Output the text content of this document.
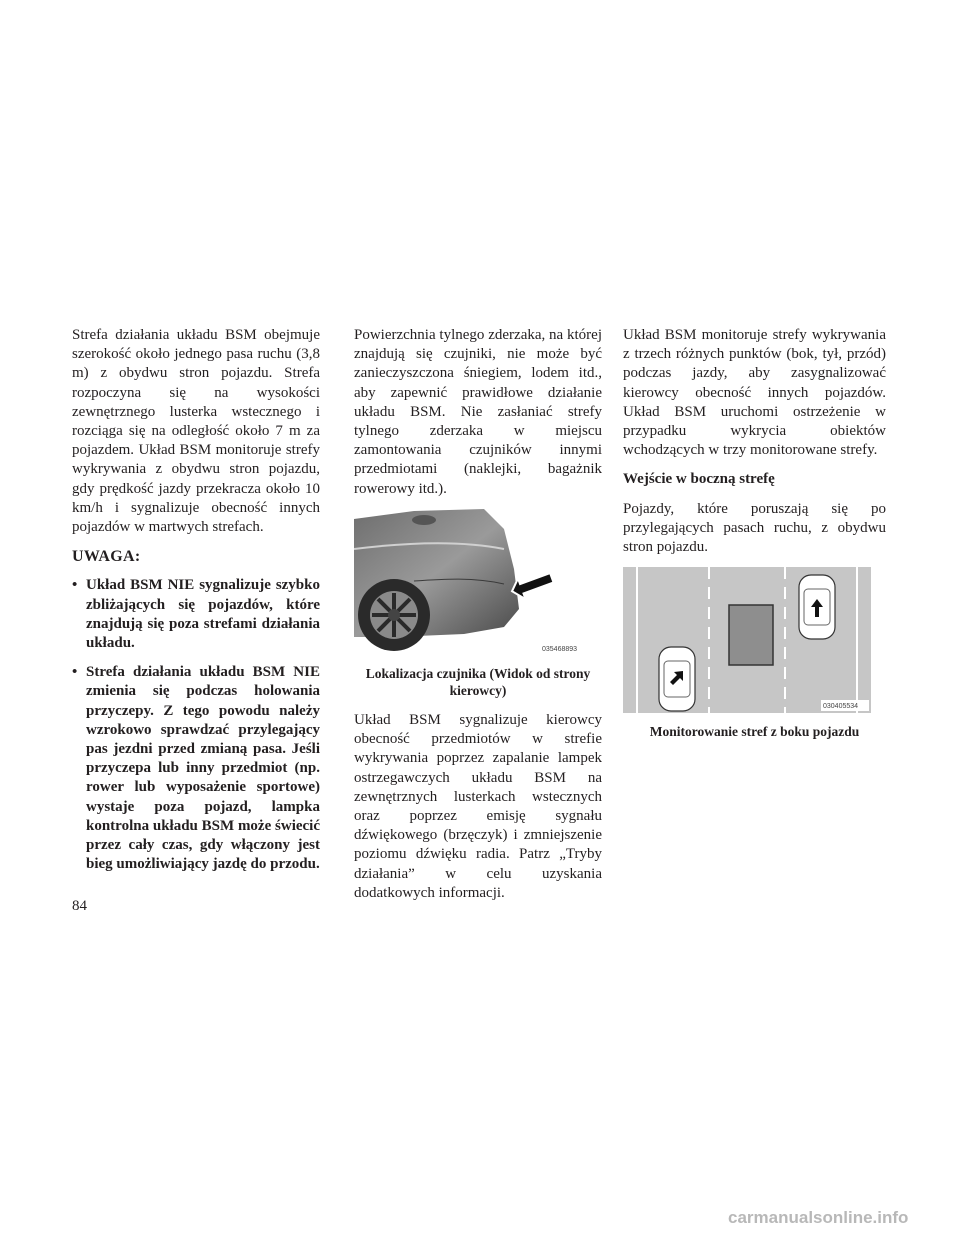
Strefa działania układu BSM obejmuje szerokość około jednego pasa ruchu (3,8 m) z obydwu stron pojazdu. Strefa rozpoczyna się na wysokości zewnętrznego lusterka wstecznego i rozciąga się na odległość około 7 m za pojazdem. Układ BSM monitoruje strefy wykrywania z obydwu stron pojazdu, gdy prędkość jazdy przekracza około 10 km/h i sygnalizuje obecność innych pojazdów w martwych strefach.

UWAGA:
• Układ BSM NIE sygnalizuje szybko zbliżających się pojazdów, które znajdują się poza strefami działania układu.
• Strefa działania układu BSM NIE zmienia się podczas holowania przyczepy. Z tego powodu należy wzrokowo sprawdzać przylegający pas jezdni przed zmianą pasa. Jeśli przyczepa lub inny przedmiot (np. rower lub wyposażenie sportowe) wystaje poza pojazd, lampka kontrolna układu BSM może świecić przez cały czas, gdy włączony jest bieg umożliwiający jazdę do przodu.

Powierzchnia tylnego zderzaka, na której znajdują się czujniki, nie może być zanieczyszczona śniegiem, lodem itd., aby zapewnić prawidłowe działanie układu BSM. Nie zasłaniać strefy tylnego zderzaka w miejscu zamontowania czujników innymi przedmiotami (naklejki, bagażnik rowerowy itd.).

035468893
Lokalizacja czujnika (Widok od strony kierowcy)

Układ BSM sygnalizuje kierowcy obecność przedmiotów w strefie wykrywania poprzez zapalanie lampek ostrzegawczych układu BSM na zewnętrznych lusterkach wstecznych oraz poprzez emisję sygnału dźwiękowego (brzęczyk) i zmniejszenie poziomu dźwięku radia. Patrz „Tryby działania” w celu uzyskania dodatkowych informacji.

Układ BSM monitoruje strefy wykrywania z trzech różnych punktów (bok, tył, przód) podczas jazdy, aby zasygnalizować kierowcy obecność innych pojazdów. Układ BSM uruchomi ostrzeżenie w przypadku wykrycia obiektów wchodzących w trzy monitorowane strefy.

Wejście w boczną strefę

Pojazdy, które poruszają się po przylegających pasach ruchu, z obydwu stron pojazdu.

030405534
Monitorowanie stref z boku pojazdu
84
carmanualsonline.info
